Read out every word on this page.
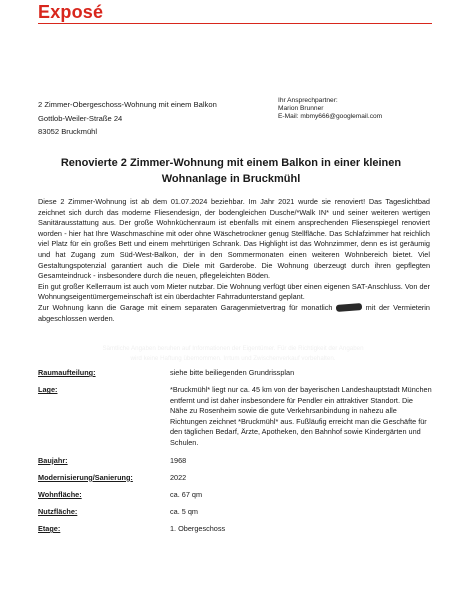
Exposé
2 Zimmer-Obergeschoss-Wohnung mit einem Balkon
Gottlob-Weiler-Straße 24
83052 Bruckmühl
Ihr Ansprechpartner:
Marion Brunner
E-Mail: mbmy666@googlemail.com
Renovierte 2 Zimmer-Wohnung mit einem Balkon in einer kleinen
Wohnanlage in Bruckmühl

Diese 2 Zimmer-Wohnung ist ab dem 01.07.2024 beziehbar. Im Jahr 2021 wurde sie renoviert! Das Tageslichtbad zeichnet sich durch das moderne Fliesendesign, der bodengleichen Dusche/*Walk IN* und seiner weiteren wertigen Sanitärausstattung aus. Der große Wohnküchenraum ist ebenfalls mit einem ansprechenden Fliesenspiegel renoviert worden - hier hat Ihre Waschmaschine mit oder ohne Wäschetrockner genug Stellfläche. Das Schlafzimmer hat reichlich viel Platz für ein großes Bett und einem mehrtürigen Schrank. Das Highlight ist das Wohnzimmer, denn es ist geräumig und hat Zugang zum Süd-West-Balkon, der in den Sommermonaten einen weiteren Wohnbereich bietet. Viel Gestaltungspotenzial garantiert auch die Diele mit Garderobe. Die Wohnung überzeugt durch ihren gepflegten Gesamteindruck - insbesondere durch die neuen, pflegeleichten Böden.

Ein gut großer Kellerraum ist auch vom Mieter nutzbar. Die Wohnung verfügt über einen eigenen SAT-Anschluss. Von der Wohnungseigentümergemeinschaft ist ein überdachter Fahrradunterstand geplant.

Zur Wohnung kann die Garage mit einem separaten Garagenmietvertrag für monatlich	mit der Vermieterin abgeschlossen werden.

Sämtliche Angaben beruhen auf Informationen der Eigentümer. Für die Richtigkeit der Angaben
wird keine Haftung übernommen. Irrtum und Zwischenverkauf vorbehalten.
Raumaufteilung:	siehe bitte beiliegenden Grundrissplan
Lage:	*Bruckmühl* liegt nur ca. 45 km von der bayerischen Landeshauptstadt München entfernt und ist daher insbesondere für Pendler ein attraktiver Standort. Die Nähe zu Rosenheim sowie die gute Verkehrsanbindung in nahezu alle Richtungen zeichnet *Bruckmühl* aus. Fußläufig erreicht man die Geschäfte für den täglichen Bedarf, Ärzte, Apotheken, den Bahnhof sowie Kindergärten und Schulen.
Baujahr:	1968
Modernisierung/Sanierung:	2022
Wohnfläche:	ca. 67 qm
Nutzfläche:	ca. 5 qm
Etage:	1. Obergeschoss
